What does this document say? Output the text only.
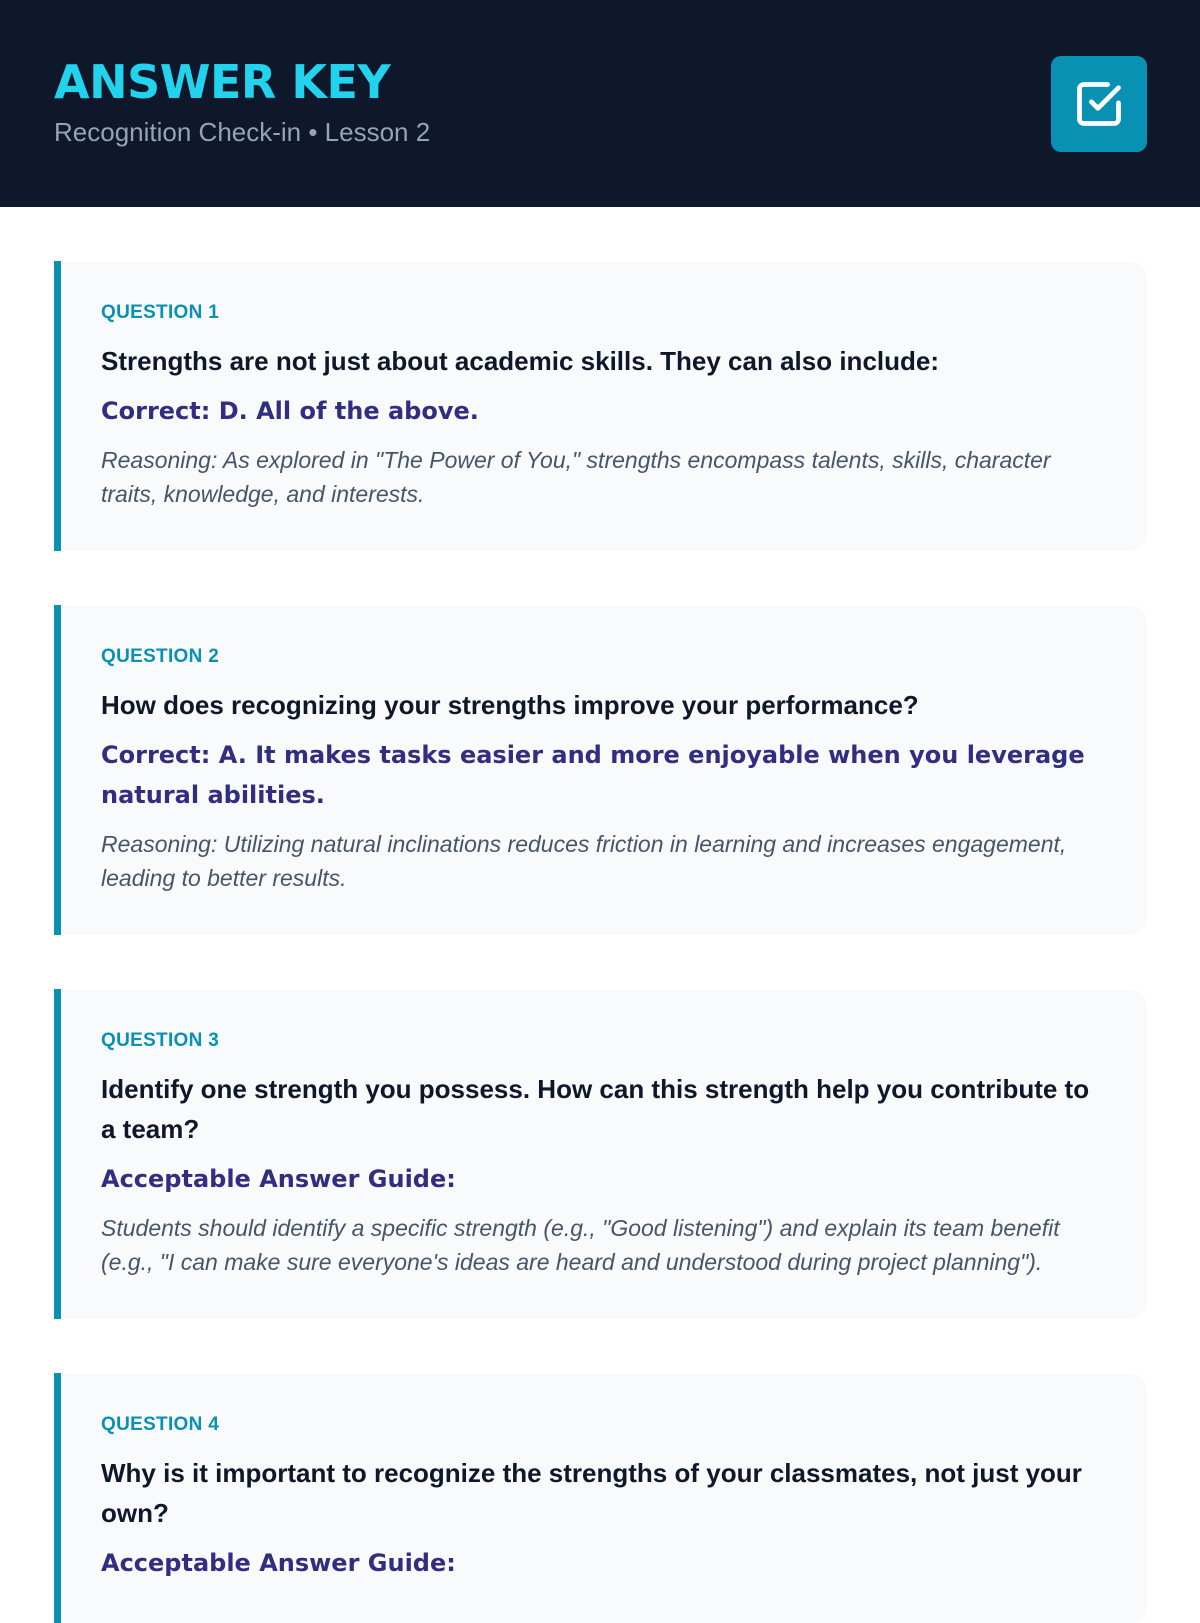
ANSWER KEY
Recognition Check-in • Lesson 2
QUESTION 1
Strengths are not just about academic skills. They can also include:
Correct: D. All of the above.
Reasoning: As explored in "The Power of You," strengths encompass talents, skills, character traits, knowledge, and interests.
QUESTION 2
How does recognizing your strengths improve your performance?
Correct: A. It makes tasks easier and more enjoyable when you leverage natural abilities.
Reasoning: Utilizing natural inclinations reduces friction in learning and increases engagement, leading to better results.
QUESTION 3
Identify one strength you possess. How can this strength help you contribute to a team?
Acceptable Answer Guide:
Students should identify a specific strength (e.g., "Good listening") and explain its team benefit (e.g., "I can make sure everyone's ideas are heard and understood during project planning").
QUESTION 4
Why is it important to recognize the strengths of your classmates, not just your own?
Acceptable Answer Guide:
